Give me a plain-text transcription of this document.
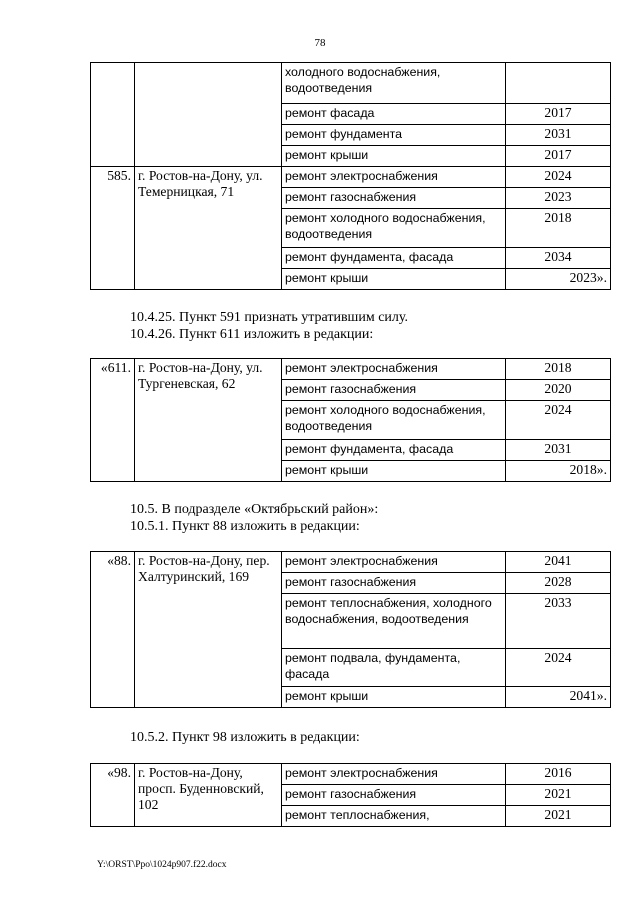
78
		холодного водоснабжения, водоотведения	
		ремонт фасада	2017
		ремонт фундамента	2031
		ремонт крыши	2017
585.	г. Ростов-на-Дону, ул. Темерницкая, 71	ремонт электроснабжения	2024
		ремонт газоснабжения	2023
		ремонт холодного водоснабжения, водоотведения	2018
		ремонт фундамента, фасада	2034
		ремонт крыши	2023».
10.4.25. Пункт 591 признать утратившим силу.
10.4.26. Пункт 611 изложить в редакции:
«611.	г. Ростов-на-Дону, ул. Тургеневская, 62	ремонт электроснабжения	2018
		ремонт газоснабжения	2020
		ремонт холодного водоснабжения, водоотведения	2024
		ремонт фундамента, фасада	2031
		ремонт крыши	2018».
10.5. В подразделе «Октябрьский район»:
10.5.1. Пункт 88 изложить в редакции:
«88.	г. Ростов-на-Дону, пер. Халтуринский, 169	ремонт электроснабжения	2041
		ремонт газоснабжения	2028
		ремонт теплоснабжения, холодного водоснабжения, водоотведения	2033
		ремонт подвала, фундамента, фасада	2024
		ремонт крыши	2041».
10.5.2. Пункт 98 изложить в редакции:
«98.	г. Ростов-на-Дону, просп. Буденновский, 102	ремонт электроснабжения	2016
		ремонт газоснабжения	2021
		ремонт теплоснабжения,	2021
Y:\ORST\Ppo\1024p907.f22.docx
